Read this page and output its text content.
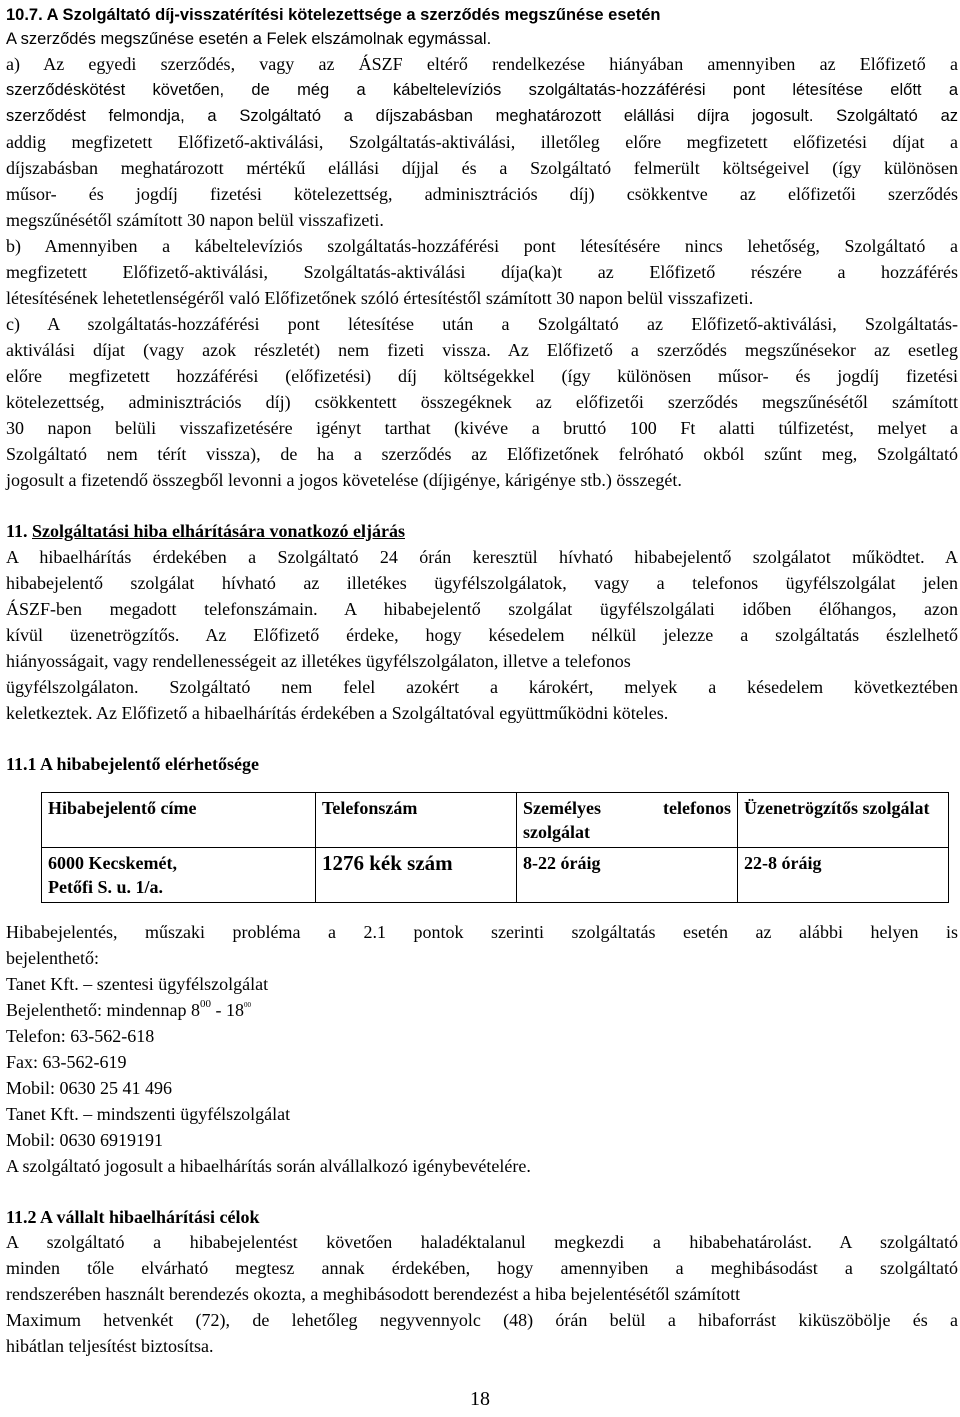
10.7. A Szolgáltató díj-visszatérítési kötelezettsége a szerződés megszűnése esetén

A szerződés megszűnése esetén a Felek elszámolnak egymással.

a) Az egyedi szerződés, vagy az ÁSZF eltérő rendelkezése hiányában amennyiben az Előfizető a

szerződéskötést követően, de még a kábeltelevíziós szolgáltatás-hozzáférési pont létesítése előtt a

szerződést felmondja, a Szolgáltató a díjszabásban meghatározott elállási díjra jogosult. Szolgáltató az

addig megfizetett Előfizető-aktiválási, Szolgáltatás-aktiválási, illetőleg előre megfizetett előfizetési díjat a

díjszabásban meghatározott mértékű elállási díjjal és a Szolgáltató felmerült költségeivel (így különösen

műsor- és jogdíj fizetési kötelezettség, adminisztrációs díj) csökkentve az előfizetői szerződés

megszűnésétől számított 30 napon belül visszafizeti.

b) Amennyiben a kábeltelevíziós szolgáltatás-hozzáférési pont létesítésére nincs lehetőség, Szolgáltató a

megfizetett Előfizető-aktiválási, Szolgáltatás-aktiválási díja(ka)t az Előfizető részére a hozzáférés

létesítésének lehetetlenségéről való Előfizetőnek szóló értesítéstől számított 30 napon belül visszafizeti.

c) A szolgáltatás-hozzáférési pont létesítése után a Szolgáltató az Előfizető-aktiválási, Szolgáltatás-

aktiválási díjat (vagy azok részletét) nem fizeti vissza. Az Előfizető a szerződés megszűnésekor az esetleg

előre megfizetett hozzáférési (előfizetési) díj költségekkel (így különösen műsor- és jogdíj fizetési

kötelezettség, adminisztrációs díj) csökkentett összegéknek az előfizetői szerződés megszűnésétől számított

30 napon belüli visszafizetésére igényt tarthat (kivéve a bruttó 100 Ft alatti túlfizetést, melyet a

Szolgáltató nem térít vissza), de ha a szerződés az Előfizetőnek felróható okból szűnt meg, Szolgáltató

jogosult a fizetendő összegből levonni a jogos követelése (díjigénye, kárigénye stb.) összegét.

11. Szolgáltatási hiba elhárítására vonatkozó eljárás

A hibaelhárítás érdekében a Szolgáltató 24 órán keresztül hívható hibabejelentő szolgálatot működtet. A

hibabejelentő szolgálat hívható az illetékes ügyfélszolgálatok, vagy a telefonos ügyfélszolgálat jelen

ÁSZF-ben megadott telefonszámain. A hibabejelentő szolgálat ügyfélszolgálati időben élőhangos, azon

kívül üzenetrögzítős. Az Előfizető érdeke, hogy késedelem nélkül jelezze a szolgáltatás észlelhető

hiányosságait, vagy rendellenességeit az illetékes ügyfélszolgálaton, illetve a telefonos

ügyfélszolgálaton. Szolgáltató nem felel azokért a károkért, melyek a késedelem következtében

keletkeztek. Az Előfizető a hibaelhárítás érdekében a Szolgáltatóval együttműködni köteles.

11.1 A hibabejelentő elérhetősége

Hibabejelentő címe	Telefonszám	Személyes telefonos szolgálat	Üzenetrögzítős szolgálat
6000 Kecskemét,
Petőfi S. u. 1/a.	1276 kék szám	8-22 óráig	22-8 óráig

Hibabejelentés, műszaki probléma a 2.1 pontok szerinti szolgáltatás esetén az alábbi helyen is

bejelenthető:

Tanet Kft. – szentesi ügyfélszolgálat

Bejelenthető: mindennap $8^{00} - 18^{00}$

Telefon: 63-562-618

Fax: 63-562-619

Mobil: 0630 25 41 496

Tanet Kft. – mindszenti ügyfélszolgálat

Mobil: 0630 6919191

A szolgáltató jogosult a hibaelhárítás során alvállalkozó igénybevételére.

11.2 A vállalt hibaelhárítási célok

A szolgáltató a hibabejelentést követően haladéktalanul megkezdi a hibabehatárolást. A szolgáltató

minden tőle elvárható megtesz annak érdekében, hogy amennyiben a meghibásodást a szolgáltató

rendszerében használt berendezés okozta, a meghibásodott berendezést a hiba bejelentésétől számított

Maximum hetvenkét (72), de lehetőleg negyvennyolc (48) órán belül a hibaforrást kiküszöbölje és a

hibátlan teljesítést biztosítsa.

18
